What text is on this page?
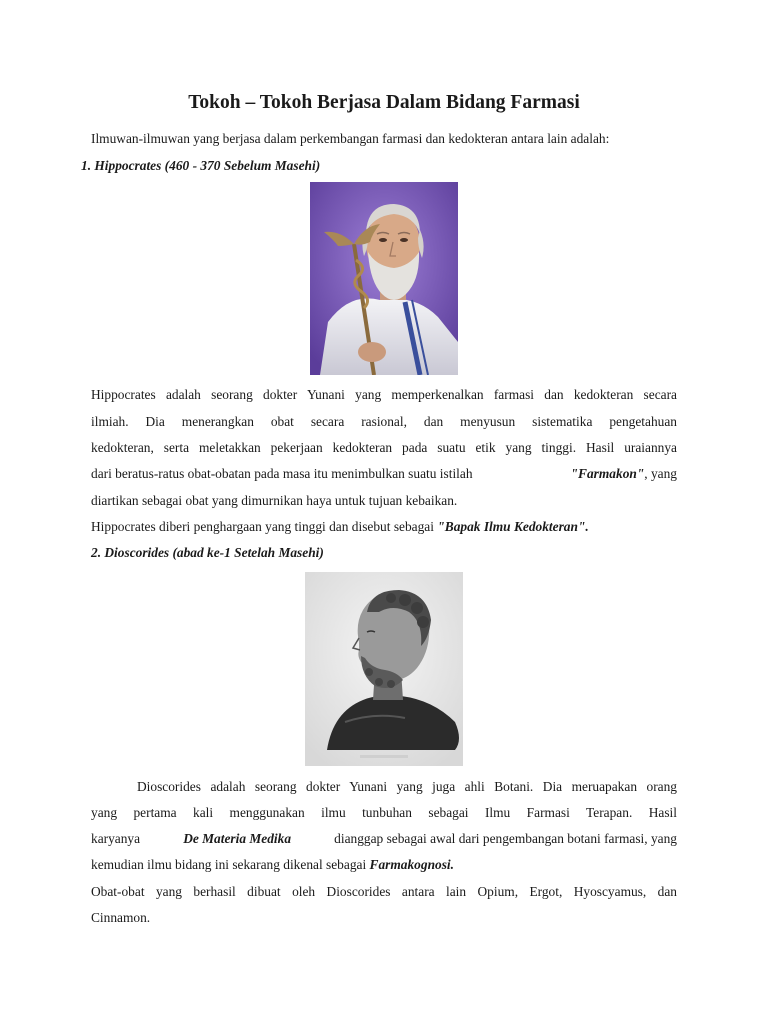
Tokoh – Tokoh Berjasa Dalam Bidang Farmasi

Ilmuwan-ilmuwan yang berjasa dalam perkembangan farmasi dan kedokteran antara lain adalah:

1. Hippocrates (460 - 370 Sebelum Masehi)

Hippocrates adalah seorang dokter Yunani yang memperkenalkan farmasi dan kedokteran secara

ilmiah. Dia menerangkan obat secara rasional, dan menyusun sistematika pengetahuan

kedokteran, serta meletakkan pekerjaan kedokteran pada suatu etik yang tinggi. Hasil uraiannya

dari beratus-ratus obat-obatan pada masa itu menimbulkan suatu istilah	"Farmakon", yang

diartikan sebagai obat yang dimurnikan haya untuk tujuan kebaikan.

Hippocrates diberi penghargaan yang tinggi dan disebut sebagai "Bapak Ilmu Kedokteran".

2. Dioscorides (abad ke-1 Setelah Masehi)

Dioscorides adalah seorang dokter Yunani yang juga ahli Botani. Dia meruapakan orang

yang pertama kali menggunakan ilmu tunbuhan sebagai Ilmu Farmasi Terapan. Hasil

karyanya	De Materia Medika	dianggap sebagai awal dari pengembangan botani farmasi, yang

kemudian ilmu bidang ini sekarang dikenal sebagai Farmakognosi.

Obat-obat yang berhasil dibuat oleh Dioscorides antara lain Opium, Ergot, Hyoscyamus, dan

Cinnamon.
